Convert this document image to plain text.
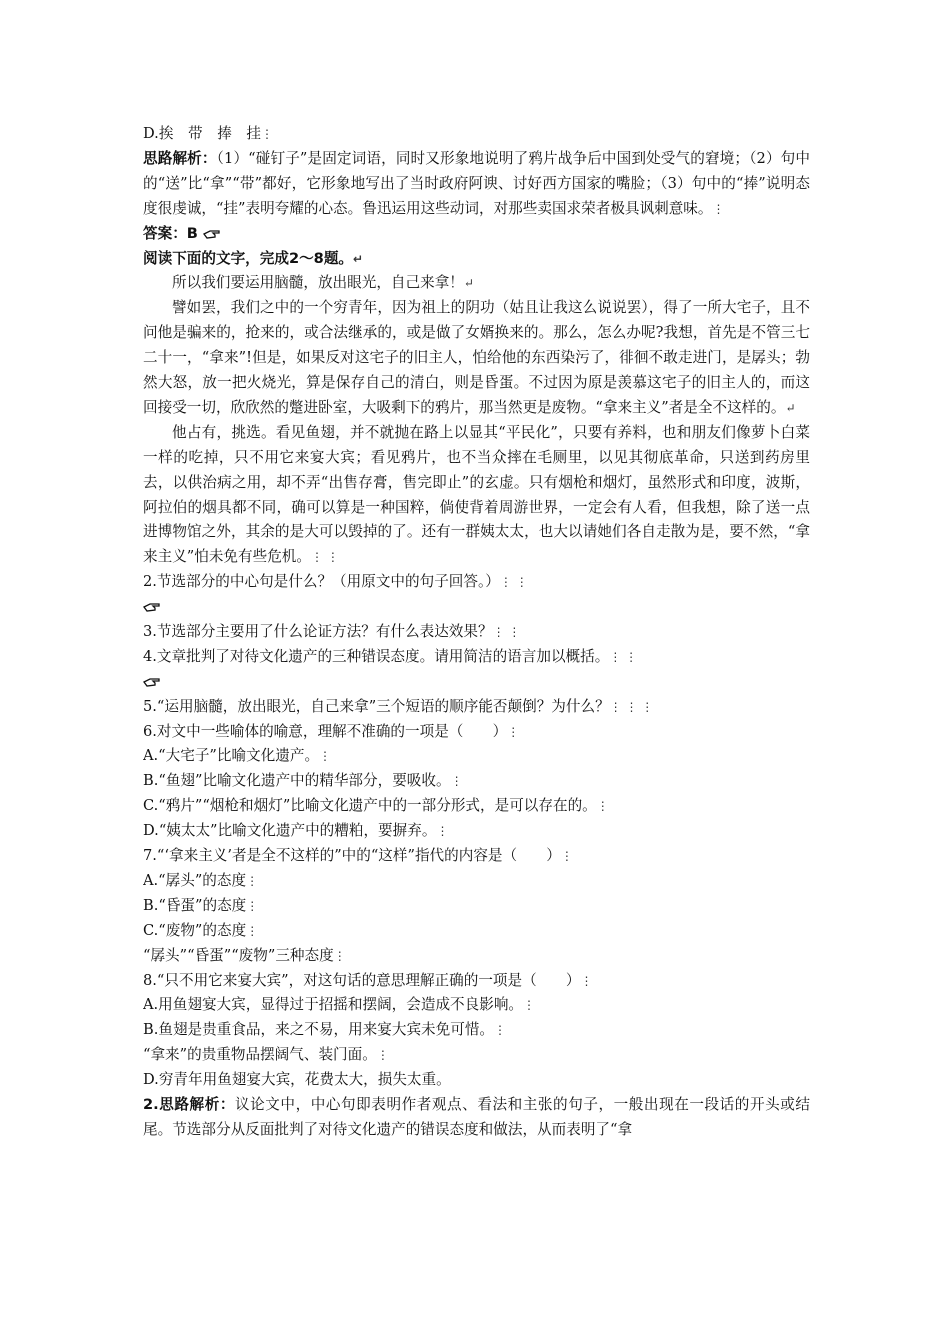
D.挨　带　捧　挂⋮
思路解析：（1）“碰钉子”是固定词语，同时又形象地说明了鸦片战争后中国到处受气的窘境；（2）句中的“送”比“拿”“带”都好，它形象地写出了当时政府阿谀、讨好西方国家的嘴脸；（3）句中的“捧”说明态度很虔诚，“挂”表明夸耀的心态。鲁迅运用这些动词，对那些卖国求荣者极具讽刺意味。⋮
答案：B
阅读下面的文字，完成2～8题。↵
所以我们要运用脑髓，放出眼光，自己来拿！↵
譬如罢，我们之中的一个穷青年，因为祖上的阴功（姑且让我这么说说罢），得了一所大宅子，且不问他是骗来的，抢来的，或合法继承的，或是做了女婿换来的。那么，怎么办呢?我想，首先是不管三七二十一，“拿来”!但是，如果反对这宅子的旧主人，怕给他的东西染污了，徘徊不敢走进门，是孱头；勃然大怒，放一把火烧光，算是保存自己的清白，则是昏蛋。不过因为原是羡慕这宅子的旧主人的，而这回接受一切，欣欣然的蹩进卧室，大吸剩下的鸦片，那当然更是废物。“拿来主义”者是全不这样的。↵
他占有，挑选。看见鱼翅，并不就抛在路上以显其“平民化”，只要有养料，也和朋友们像萝卜白菜一样的吃掉，只不用它来宴大宾；看见鸦片，也不当众摔在毛厕里，以见其彻底革命，只送到药房里去，以供治病之用，却不弄“出售存膏，售完即止”的玄虚。只有烟枪和烟灯，虽然形式和印度，波斯，阿拉伯的烟具都不同，确可以算是一种国粹，倘使背着周游世界，一定会有人看，但我想，除了送一点进博物馆之外，其余的是大可以毁掉的了。还有一群姨太太，也大以请她们各自走散为是，要不然，“拿来主义”怕未免有些危机。⋮ ⋮
2.节选部分的中心句是什么？（用原文中的句子回答。）⋮ ⋮
3.节选部分主要用了什么论证方法？有什么表达效果？⋮ ⋮
4.文章批判了对待文化遗产的三种错误态度。请用简洁的语言加以概括。⋮ ⋮
5.“运用脑髓，放出眼光，自己来拿”三个短语的顺序能否颠倒？为什么？⋮ ⋮ ⋮
6.对文中一些喻体的喻意，理解不准确的一项是（　　）⋮
A.“大宅子”比喻文化遗产。⋮
B.“鱼翅”比喻文化遗产中的精华部分，要吸收。⋮
C.“鸦片”“烟枪和烟灯”比喻文化遗产中的一部分形式，是可以存在的。⋮
D.“姨太太”比喻文化遗产中的糟粕，要摒弃。⋮
7.“‘拿来主义’者是全不这样的”中的“这样”指代的内容是（　　）⋮
A.“孱头”的态度⋮
B.“昏蛋”的态度⋮
C.“废物”的态度⋮
“孱头”“昏蛋”“废物”三种态度⋮
8.“只不用它来宴大宾”，对这句话的意思理解正确的一项是（　　）⋮
A.用鱼翅宴大宾，显得过于招摇和摆阔，会造成不良影响。⋮
B.鱼翅是贵重食品，来之不易，用来宴大宾未免可惜。⋮
“拿来”的贵重物品摆阔气、装门面。⋮
D.穷青年用鱼翅宴大宾，花费太大，损失太重。
2.思路解析：议论文中，中心句即表明作者观点、看法和主张的句子，一般出现在一段话的开头或结尾。节选部分从反面批判了对待文化遗产的错误态度和做法，从而表明了“拿
